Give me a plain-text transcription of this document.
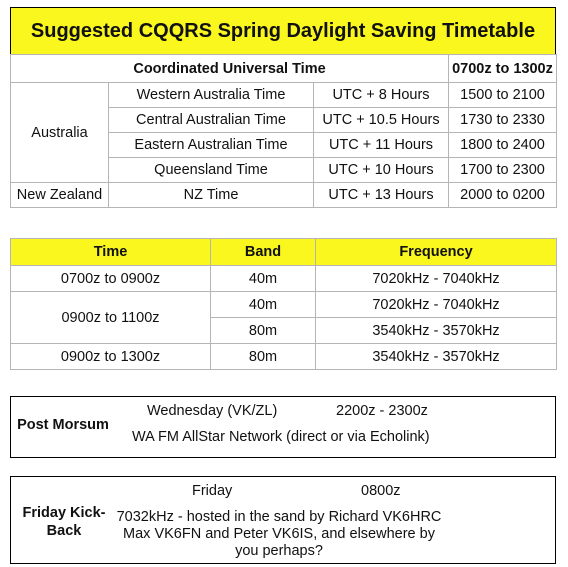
Suggested CQQRS Spring Daylight Saving Timetable
Coordinated Universal Time			0700z to 1300z
Australia	Western Australia Time	UTC + 8 Hours	1500 to 2100
	Central Australian Time	UTC + 10.5 Hours	1730 to 2330
	Eastern Australian Time	UTC + 11 Hours	1800 to 2400
	Queensland Time	UTC + 10 Hours	1700 to 2300
New Zealand	NZ Time	UTC + 13 Hours	2000 to 0200
Time	Band	Frequency
0700z to 0900z	40m	7020kHz - 7040kHz
0900z to 1100z	40m	7020kHz - 7040kHz
	80m	3540kHz - 3570kHz
0900z to 1300z	80m	3540kHz - 3570kHz
Post Morsum
Wednesday (VK/ZL)	2200z - 2300z
WA FM AllStar Network (direct or via Echolink)
Friday Kick-Back
Friday	0800z
7032kHz - hosted in the sand by Richard VK6HRC Max VK6FN and Peter VK6IS, and elsewhere by you perhaps?
